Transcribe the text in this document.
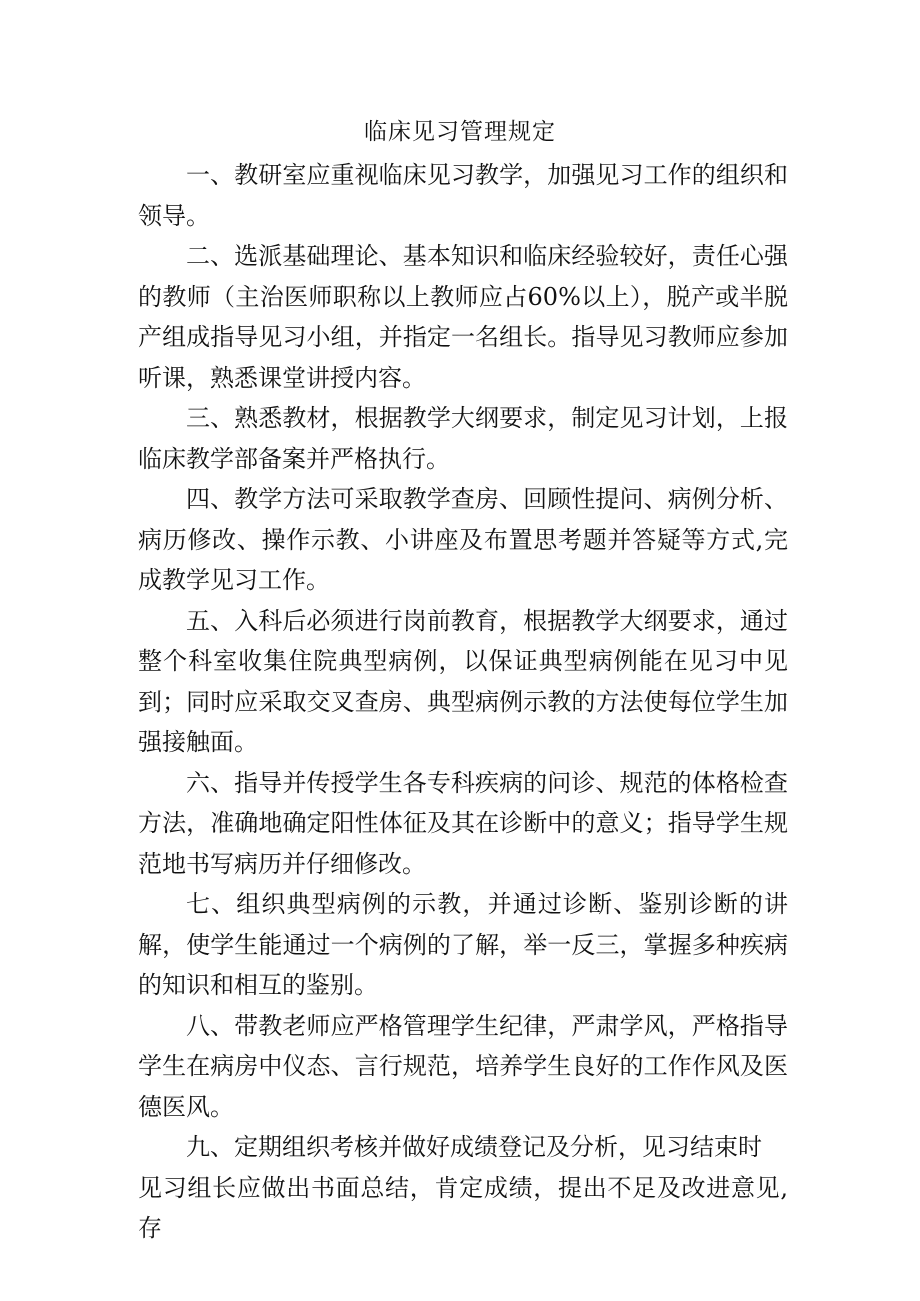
临床见习管理规定

一、教研室应重视临床见习教学，加强见习工作的组织和领导。

二、选派基础理论、基本知识和临床经验较好，责任心强的教师（主治医师职称以上教师应占60%以上），脱产或半脱产组成指导见习小组，并指定一名组长。指导见习教师应参加听课，熟悉课堂讲授内容。

三、熟悉教材，根据教学大纲要求，制定见习计划，上报临床教学部备案并严格执行。

四、教学方法可采取教学查房、回顾性提问、病例分析、病历修改、操作示教、小讲座及布置思考题并答疑等方式,完成教学见习工作。

五、入科后必须进行岗前教育，根据教学大纲要求，通过整个科室收集住院典型病例，以保证典型病例能在见习中见到；同时应采取交叉查房、典型病例示教的方法使每位学生加强接触面。

六、指导并传授学生各专科疾病的问诊、规范的体格检查方法，准确地确定阳性体征及其在诊断中的意义；指导学生规范地书写病历并仔细修改。

七、组织典型病例的示教，并通过诊断、鉴别诊断的讲解，使学生能通过一个病例的了解，举一反三，掌握多种疾病的知识和相互的鉴别。

八、带教老师应严格管理学生纪律，严肃学风，严格指导学生在病房中仪态、言行规范，培养学生良好的工作作风及医德医风。

九、定期组织考核并做好成绩登记及分析，见习结束时

见习组长应做出书面总结，肯定成绩，提出不足及改进意见,存
